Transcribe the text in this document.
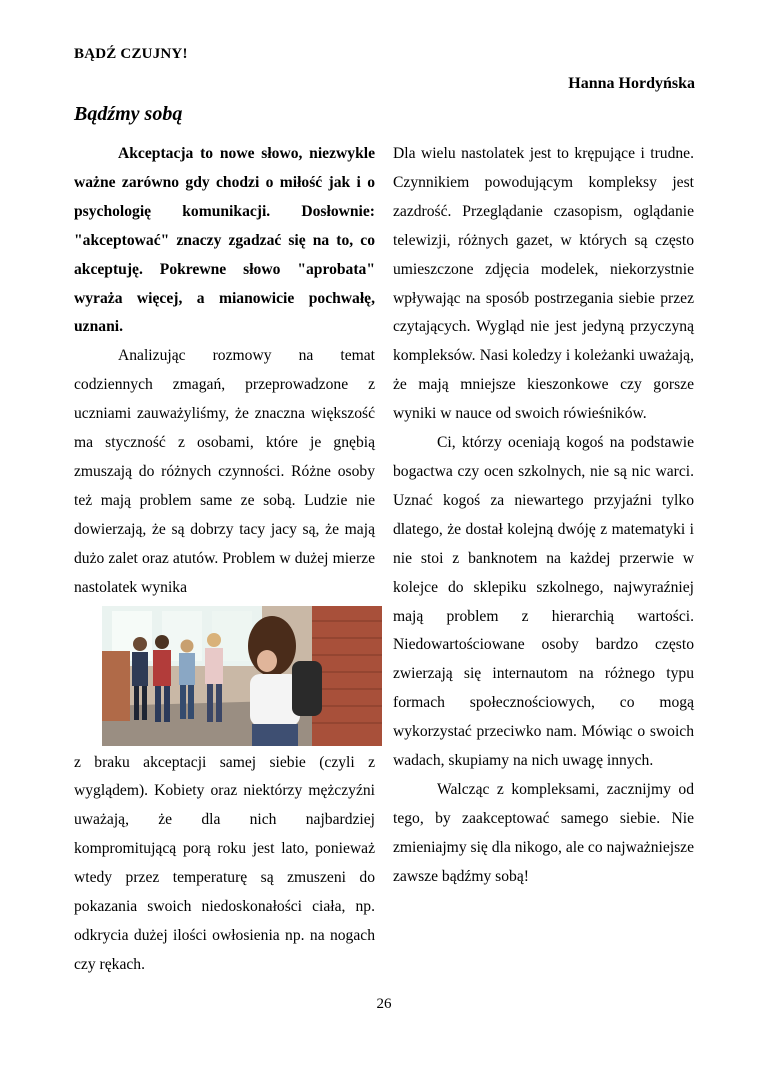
BĄDŹ CZUJNY!
Hanna Hordyńska
Bądźmy sobą

Akceptacja to nowe słowo, niezwykle ważne zarówno gdy chodzi o miłość jak i o psychologię komunikacji. Dosłownie: "akceptować" znaczy zgadzać się na to, co akceptuję. Pokrewne słowo "aprobata" wyraża więcej, a mianowicie pochwałę, uznani.

Analizując rozmowy na temat codziennych zmagań, przeprowadzone z uczniami zauważyliśmy, że znaczna większość ma styczność z osobami, które je gnębią zmuszają do różnych czynności. Różne osoby też mają problem same ze sobą. Ludzie nie dowierzają, że są dobrzy tacy jacy są, że mają dużo zalet oraz atutów. Problem w dużej mierze nastolatek wynika

z braku akceptacji samej siebie (czyli z wyglądem). Kobiety oraz niektórzy mężczyźni uważają, że dla nich najbardziej kompromitującą porą roku jest lato, ponieważ wtedy przez temperaturę są zmuszeni do pokazania swoich niedoskonałości ciała, np. odkrycia dużej ilości owłosienia np. na nogach czy rękach.

Dla wielu nastolatek jest to krępujące i trudne. Czynnikiem powodującym kompleksy jest zazdrość. Przeglądanie czasopism, oglądanie telewizji, różnych gazet, w których są często umieszczone zdjęcia modelek, niekorzystnie wpływając na sposób postrzegania siebie przez czytających. Wygląd nie jest jedyną przyczyną kompleksów. Nasi koledzy i koleżanki uważają, że mają mniejsze kieszonkowe czy gorsze wyniki w nauce od swoich rówieśników.

Ci, którzy oceniają kogoś na podstawie bogactwa czy ocen szkolnych, nie są nic warci. Uznać kogoś za niewartego przyjaźni tylko dlatego, że dostał kolejną dwóję z matematyki i nie stoi z banknotem na każdej przerwie w kolejce do sklepiku szkolnego, najwyraźniej mają problem z hierarchią wartości. Niedowartościowane osoby bardzo często zwierzają się internautom na różnego typu formach społecznościowych, co mogą wykorzystać przeciwko nam. Mówiąc o swoich wadach, skupiamy na nich uwagę innych.

Walcząc z kompleksami, zacznijmy od tego, by zaakceptować samego siebie. Nie zmieniajmy się dla nikogo, ale co najważniejsze zawsze bądźmy sobą!

26
